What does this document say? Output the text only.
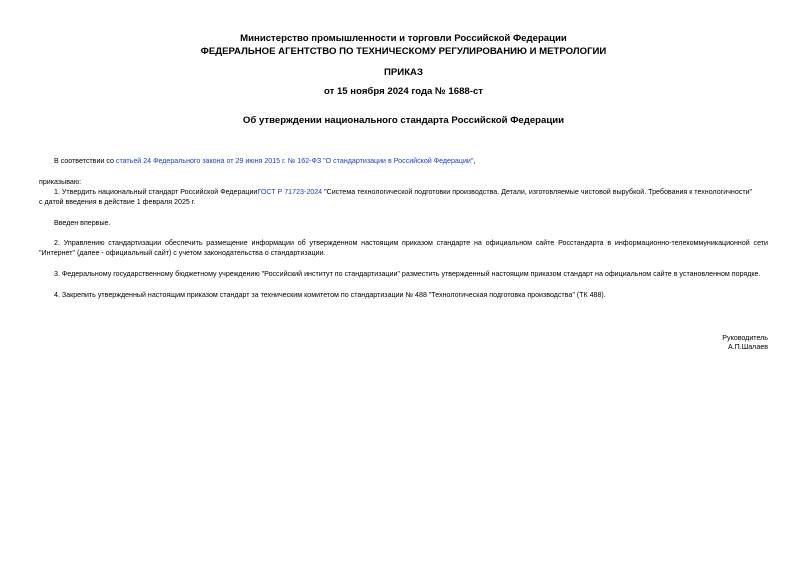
Министерство промышленности и торговли Российской Федерации
ФЕДЕРАЛЬНОЕ АГЕНТСТВО ПО ТЕХНИЧЕСКОМУ РЕГУЛИРОВАНИЮ И МЕТРОЛОГИИ
ПРИКАЗ
от 15 ноября 2024 года № 1688-ст
Об утверждении национального стандарта Российской Федерации
В соответствии со статьей 24 Федерального закона от 29 июня 2015 г. № 162-ФЗ "О стандартизации в Российской Федерации",
приказываю:
1. Утвердить национальный стандарт Российской ФедерацииГОСТ Р 71723-2024 "Система технологической подготовки производства. Детали, изготовляемые чистовой вырубкой. Требования к технологичности"
с датой введения в действие 1 февраля 2025 г.
Введен впервые.
2. Управлению стандартизации обеспечить размещение информации об утвержденном настоящим приказом стандарте на официальном сайте Росстандарта в информационно-телекоммуникационной сети
"Интернет" (далее - официальный сайт) с учетом законодательства о стандартизации.
3. Федеральному государственному бюджетному учреждению "Российский институт по стандартизации" разместить утвержденный настоящим приказом стандарт на официальном сайте в установленном порядке.
4. Закрепить утвержденный настоящим приказом стандарт за техническим комитетом по стандартизации № 488 "Технологическая подготовка производства" (ТК 488).
Руководитель
А.П.Шалаев
